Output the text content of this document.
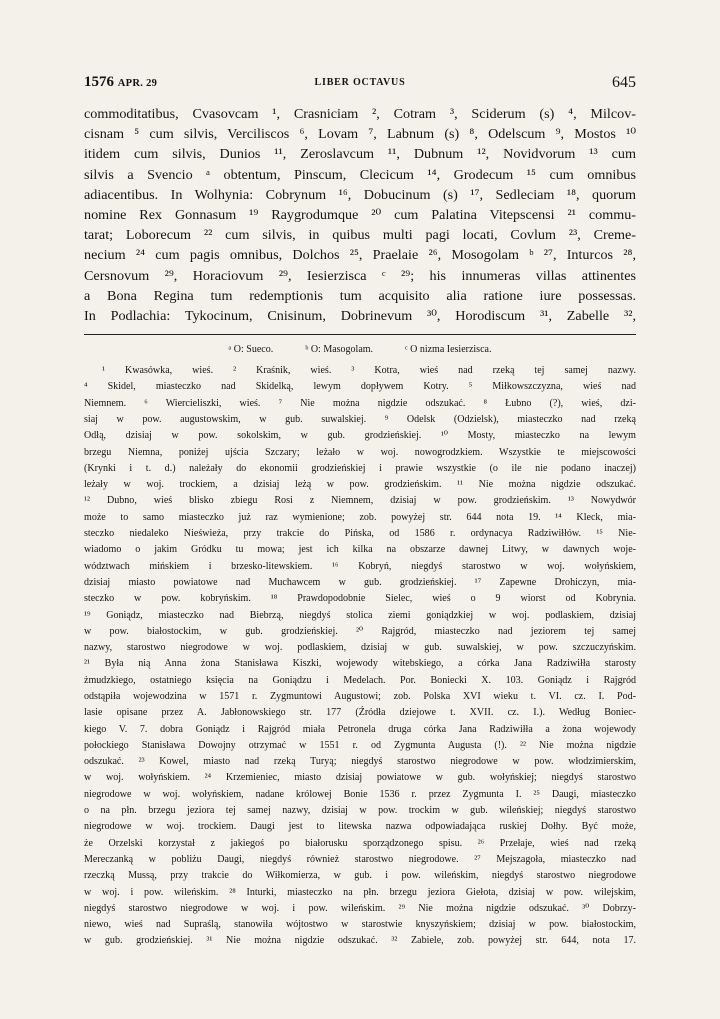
1576 APR. 29	LIBER OCTAVUS	645
commoditatibus, Cvasovcam ¹, Crasniciam ², Cotram ³, Sciderum (s) ⁴, Milcov-
cisnam ⁵ cum silvis, Verciliscos ⁶, Lovam ⁷, Labnum (s) ⁸, Odelscum ⁹, Mostos ¹⁰
itidem cum silvis, Dunios ¹¹, Zeroslavcum ¹¹, Dubnum ¹², Novidvorum ¹³ cum
silvis a Svencio ᵃ obtentum, Pinscum, Cleciсum ¹⁴, Grodecum ¹⁵ cum omnibus
adiacentibus. In Wolhynia: Cobrynum ¹⁶, Dobucinum (s) ¹⁷, Sedleciam ¹⁸, quorum
nomine Rex Gonnasum ¹⁹ Raygrodumque ²⁰ cum Palatina Vitepscensi ²¹ commu-
tarat; Loborecum ²² cum silvis, in quibus multi pagi locati, Covlum ²³, Creme-
necium ²⁴ cum pagis omnibus, Dolchos ²⁵, Praelaie ²⁶, Mosogolam ᵇ ²⁷, Inturcos ²⁸,
Cersnovum ²⁹, Horaciovum ²⁹, Iesierzisca ᶜ ²⁹; his innumeras villas attinentes
a Bona Regina tum redemptionis tum acquisito alia ratione iure possessas.
In Podlachia: Tykocinum, Cnisinum, Dobrinevum ³⁰, Horodiscum ³¹, Zabelle ³²,
ᵃ O: Sueco.	ᵇ O: Masogolam.	ᶜ O nizma Iesierzisca.
¹ Kwasówka, wieś. ² Kraśnik, wieś. ³ Kotra, wieś nad rzeką tej samej nazwy.
⁴ Skidel, miasteczko nad Skidelką, lewym dopływem Kotry. ⁵ Miłkowszczyzna, wieś nad
Niemnem. ⁶ Wiercieliszki, wieś. ⁷ Nie można nigdzie odszukać. ⁸ Łubno (?), wieś, dzi-
siaj w pow. augustowskim, w gub. suwalskiej. ⁹ Odelsk (Odzielsk), miasteczko nad rzeką
Odłą, dzisiaj w pow. sokolskim, w gub. grodzieńskiej. ¹⁰ Mosty, miasteczko na lewym
brzegu Niemna, poniżej ujścia Szczary; leżało w woj. nowogrodzkiem. Wszystkie te miejscowości
(Krynki i t. d.) należały do ekonomii grodzieńskiej i prawie wszystkie (o ile nie podano inaczej)
leżały w woj. trockiem, a dzisiaj leżą w pow. grodzieńskim. ¹¹ Nie można nigdzie odszukać.
¹² Dubno, wieś blisko zbiegu Rosi z Niemnem, dzisiaj w pow. grodzieńskim. ¹³ Nowydwór
może to samo miasteczko już raz wymienione; zob. powyżej str. 644 nota 19. ¹⁴ Kleck, mia-
steczko niedaleko Nieświeża, przy trakcie do Pińska, od 1586 r. ordynacya Radziwiłłów. ¹⁵ Nie-
wiadomo o jakim Gródku tu mowa; jest ich kilka na obszarze dawnej Litwy, w dawnych woje-
wództwach mińskiem i brzesko-litewskiem. ¹⁶ Kobryń, niegdyś starostwo w woj. wołyńskiem,
dzisiaj miasto powiatowe nad Muchawcem w gub. grodzieńskiej. ¹⁷ Zapewne Drohiczyn, mia-
steczko w pow. kobryńskim. ¹⁸ Prawdopodobnie Sielec, wieś o 9 wiorst od Kobrynia.
¹⁹ Goniądz, miasteczko nad Biebrzą, niegdyś stolica ziemi goniądzkiej w woj. podlaskiem, dzisiaj
w pow. białostockim, w gub. grodzieńskiej. ²⁰ Rajgród, miasteczko nad jeziorem tej samej
nazwy, starostwo niegrodowe w woj. podlaskiem, dzisiaj w gub. suwalskiej, w pow. szczuczyńskim.
²¹ Była nią Anna żona Stanisława Kiszki, wojewody witebskiego, a córka Jana Radziwiłła starosty
żmudzkiego, ostatniego księcia na Goniądzu i Medelach. Por. Boniecki X. 103. Goniądz i Rajgród
odstąpiła wojewodzina w 1571 r. Zygmuntowi Augustowi; zob. Polska XVI wieku t. VI. cz. I. Pod-
lasie opisane przez A. Jabłonowskiego str. 177 (Źródła dziejowe t. XVII. cz. I.). Według Boniec-
kiego V. 7. dobra Goniądz i Rajgród miała Petronela druga córka Jana Radziwiłła a żona wojewody
połockiego Stanisława Dowojny otrzymać w 1551 r. od Zygmunta Augusta (!). ²² Nie można nigdzie
odszukać. ²³ Kowel, miasto nad rzeką Turyą; niegdyś starostwo niegrodowe w pow. włodzimierskim,
w woj. wołyńskiem. ²⁴ Krzemieniec, miasto dzisiaj powiatowe w gub. wołyńskiej; niegdyś starostwo
niegrodowe w woj. wołyńskiem, nadane królowej Bonie 1536 r. przez Zygmunta I. ²⁵ Daugi, miasteczko
o na płn. brzegu jeziora tej samej nazwy, dzisiaj w pow. trockim w gub. wileńskiej; niegdyś starostwo
niegrodowe w woj. trockiem. Daugi jest to litewska nazwa odpowiadająca ruskiej Dołhy. Być może,
że Orzelski korzystał z jakiegoś po białorusku sporządzonego spisu. ²⁶ Przełaje, wieś nad rzeką
Mereczanką w pobliżu Daugi, niegdyś również starostwo niegrodowe. ²⁷ Mejszagoła, miasteczko nad
rzeczką Mussą, przy trakcie do Wiłkomierza, w gub. i pow. wileńskim, niegdyś starostwo niegrodowe
w woj. i pow. wileńskim. ²⁸ Inturki, miasteczko na płn. brzegu jeziora Giełota, dzisiaj w pow. wilejskim,
niegdyś starostwo niegrodowe w woj. i pow. wileńskim. ²⁹ Nie można nigdzie odszukać. ³⁰ Dobrzy-
niewo, wieś nad Supraślą, stanowiła wójtostwo w starostwie knyszyńskiem; dzisiaj w pow. białostockim,
w gub. grodzieńskiej. ³¹ Nie można nigdzie odszukać. ³² Zabiele, zob. powyżej str. 644, nota 17.
